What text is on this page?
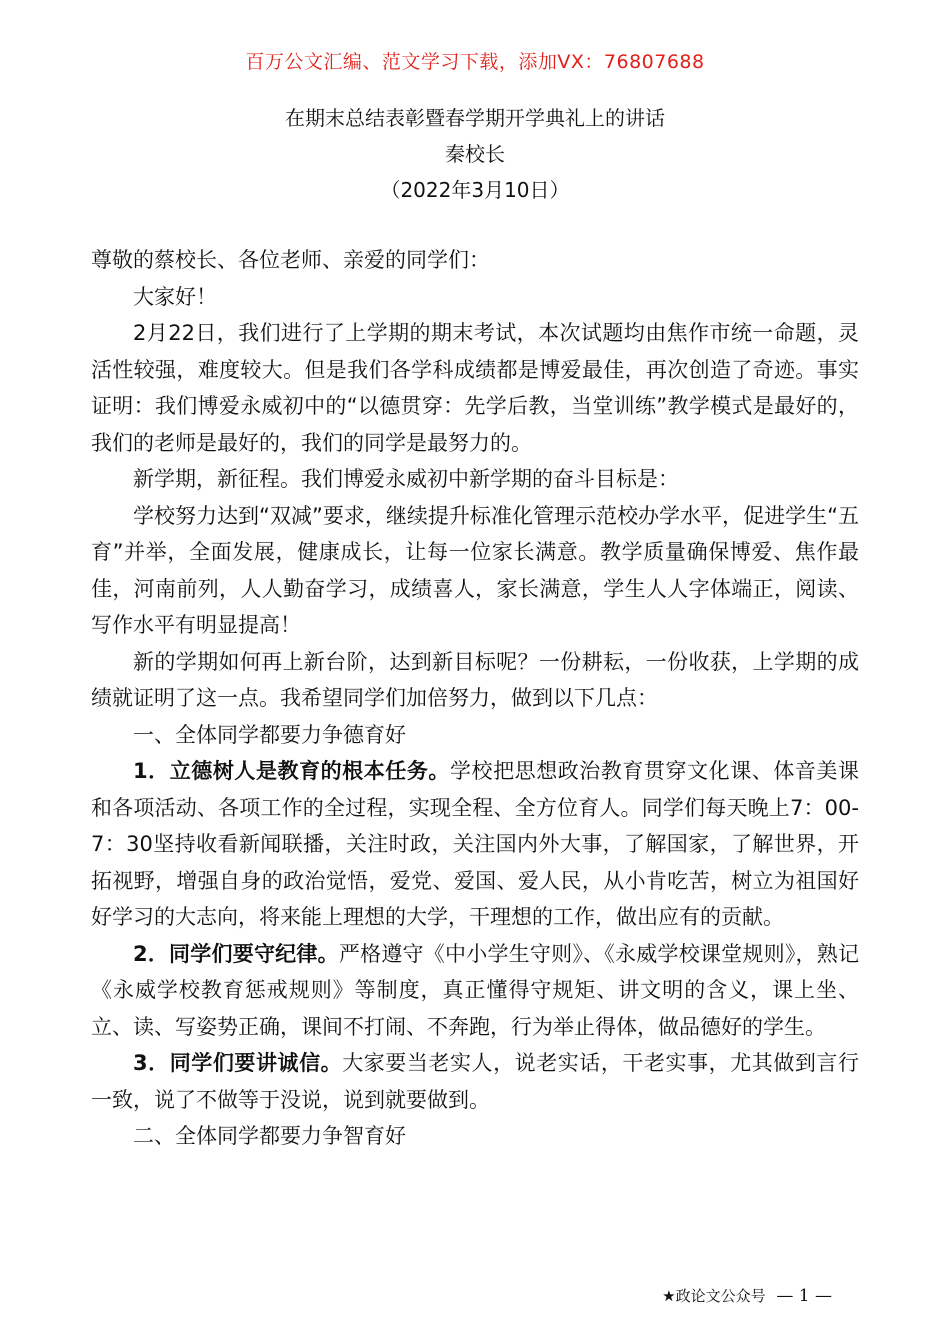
百万公文汇编、范文学习下载，添加VX：76807688
在期末总结表彰暨春学期开学典礼上的讲话
秦校长
（2022年3月10日）

尊敬的蔡校长、各位老师、亲爱的同学们：

大家好！

2月22日，我们进行了上学期的期末考试，本次试题均由焦作市统一命题，灵活性较强，难度较大。但是我们各学科成绩都是博爱最佳，再次创造了奇迹。事实证明：我们博爱永威初中的“以德贯穿：先学后教，当堂训练”教学模式是最好的，我们的老师是最好的，我们的同学是最努力的。

新学期，新征程。我们博爱永威初中新学期的奋斗目标是：

学校努力达到“双减”要求，继续提升标准化管理示范校办学水平，促进学生“五育”并举，全面发展，健康成长，让每一位家长满意。教学质量确保博爱、焦作最佳，河南前列，人人勤奋学习，成绩喜人，家长满意，学生人人字体端正，阅读、写作水平有明显提高！

新的学期如何再上新台阶，达到新目标呢？一份耕耘，一份收获，上学期的成绩就证明了这一点。我希望同学们加倍努力，做到以下几点：

一、全体同学都要力争德育好

1．立德树人是教育的根本任务。学校把思想政治教育贯穿文化课、体音美课和各项活动、各项工作的全过程，实现全程、全方位育人。同学们每天晚上7：00-7：30坚持收看新闻联播，关注时政，关注国内外大事，了解国家，了解世界，开拓视野，增强自身的政治觉悟，爱党、爱国、爱人民，从小肯吃苦，树立为祖国好好学习的大志向，将来能上理想的大学，干理想的工作，做出应有的贡献。

2．同学们要守纪律。严格遵守《中小学生守则》、《永威学校课堂规则》，熟记《永威学校教育惩戒规则》等制度，真正懂得守规矩、讲文明的含义，课上坐、立、读、写姿势正确，课间不打闹、不奔跑，行为举止得体，做品德好的学生。

3．同学们要讲诚信。大家要当老实人，说老实话，干老实事，尤其做到言行一致，说了不做等于没说，说到就要做到。

二、全体同学都要力争智育好

★政论文公众号 — 1 —
